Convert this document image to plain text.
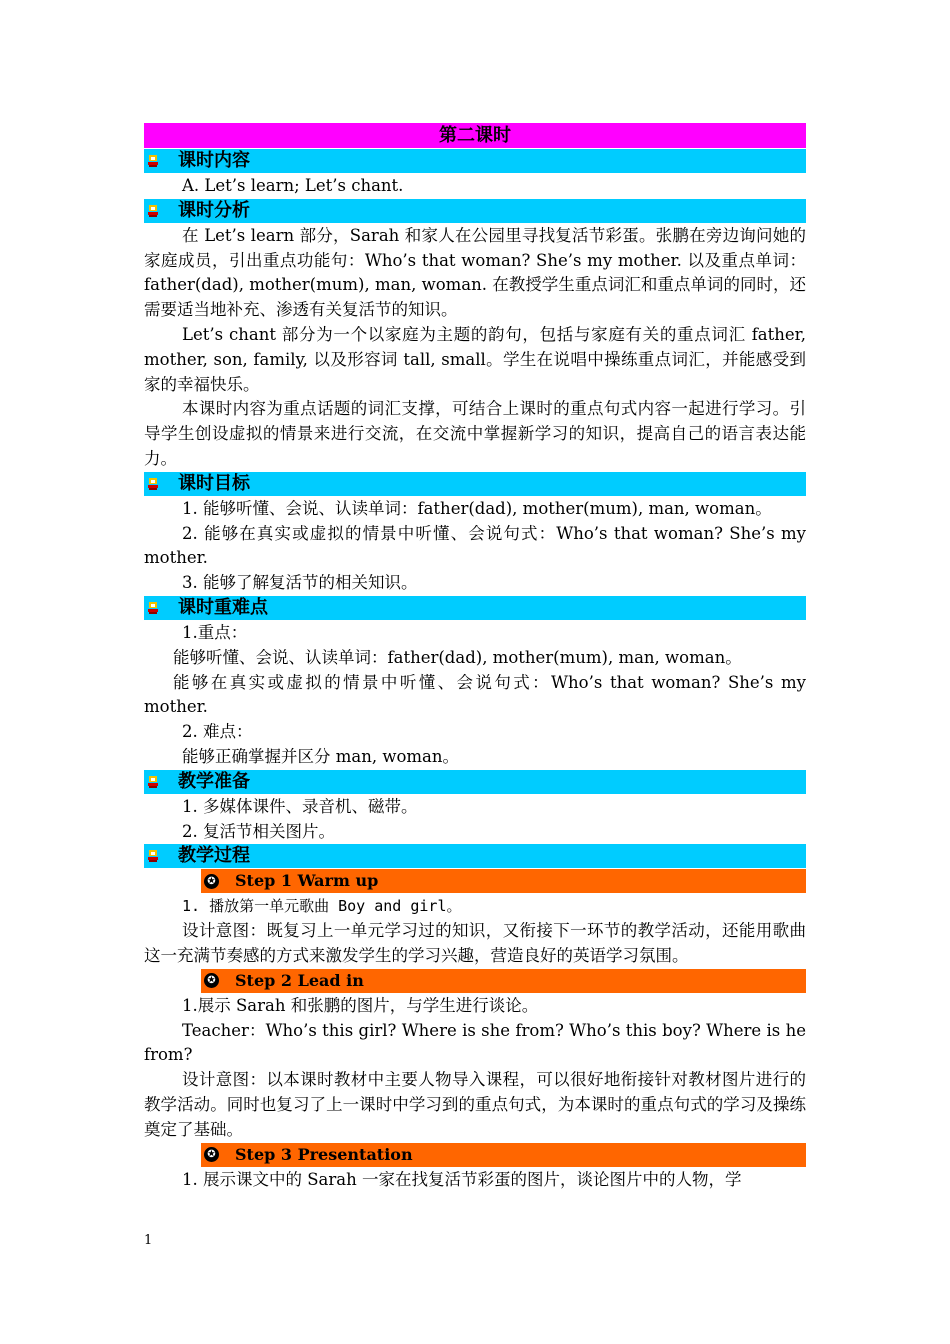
第二课时
课时内容

A. Let’s learn; Let’s chant.

课时分析

在 Let’s learn 部分，Sarah 和家人在公园里寻找复活节彩蛋。张鹏在旁边询问她的家庭成员，引出重点功能句：Who’s that woman? She’s my mother. 以及重点单词：father(dad), mother(mum), man, woman. 在教授学生重点词汇和重点单词的同时，还需要适当地补充、渗透有关复活节的知识。

Let’s chant 部分为一个以家庭为主题的韵句，包括与家庭有关的重点词汇 father, mother, son, family, 以及形容词 tall, small。学生在说唱中操练重点词汇，并能感受到家的幸福快乐。

本课时内容为重点话题的词汇支撑，可结合上课时的重点句式内容一起进行学习。引导学生创设虚拟的情景来进行交流，在交流中掌握新学习的知识，提高自己的语言表达能力。

课时目标

1. 能够听懂、会说、认读单词：father(dad), mother(mum), man, woman。

2. 能够在真实或虚拟的情景中听懂、会说句式：Who’s that woman? She’s my mother.

3. 能够了解复活节的相关知识。

课时重难点

1.重点：

能够听懂、会说、认读单词：father(dad), mother(mum), man, woman。

能够在真实或虚拟的情景中听懂、会说句式：Who’s that woman? She’s my mother.

2. 难点：

能够正确掌握并区分 man, woman。

教学准备

1. 多媒体课件、录音机、磁带。

2. 复活节相关图片。

教学过程
✪ Step 1 Warm up

1. 播放第一单元歌曲 Boy and girl。

设计意图：既复习上一单元学习过的知识，又衔接下一环节的教学活动，还能用歌曲这一充满节奏感的方式来激发学生的学习兴趣，营造良好的英语学习氛围。

✪ Step 2 Lead in

1.展示 Sarah 和张鹏的图片，与学生进行谈论。

Teacher：Who’s this girl? Where is she from? Who’s this boy? Where is he from?

设计意图：以本课时教材中主要人物导入课程，可以很好地衔接针对教材图片进行的教学活动。同时也复习了上一课时中学习到的重点句式，为本课时的重点句式的学习及操练奠定了基础。

✪ Step 3 Presentation

1. 展示课文中的 Sarah 一家在找复活节彩蛋的图片，谈论图片中的人物，学

1
